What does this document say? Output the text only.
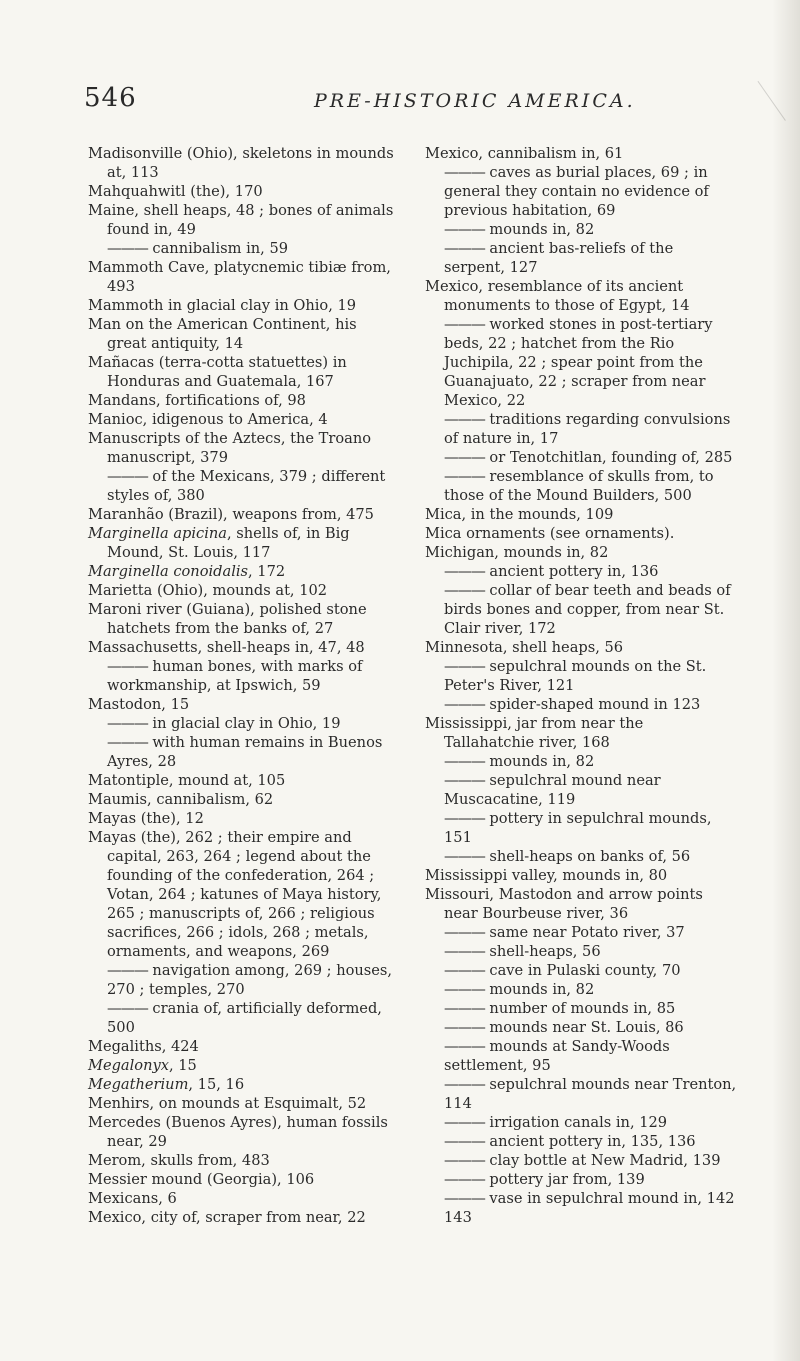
546	PRE-HISTORIC AMERICA.
Madisonville (Ohio), skeletons in mounds at, 113
Mahquahwitl (the), 170
Maine, shell heaps, 48 ; bones of animals found in, 49
——— cannibalism in, 59
Mammoth Cave, platycnemic tibiæ from, 493
Mammoth in glacial clay in Ohio, 19
Man on the American Continent, his great antiquity, 14
Mañacas (terra-cotta statuettes) in Honduras and Guatemala, 167
Mandans, fortifications of, 98
Manioc, idigenous to America, 4
Manuscripts of the Aztecs, the Troano manuscript, 379
——— of the Mexicans, 379 ; different styles of, 380
Maranhão (Brazil), weapons from, 475
Marginella apicina, shells of, in Big Mound, St. Louis, 117
Marginella conoidalis, 172
Marietta (Ohio), mounds at, 102
Maroni river (Guiana), polished stone hatchets from the banks of, 27
Massachusetts, shell-heaps in, 47, 48
——— human bones, with marks of workmanship, at Ipswich, 59
Mastodon, 15
——— in glacial clay in Ohio, 19
——— with human remains in Buenos Ayres, 28
Matontiple, mound at, 105
Maumis, cannibalism, 62
Mayas (the), 12
Mayas (the), 262 ; their empire and capital, 263, 264 ; legend about the founding of the confederation, 264 ; Votan, 264 ; katunes of Maya history, 265 ; manuscripts of, 266 ; religious sacrifices, 266 ; idols, 268 ; metals, ornaments, and weapons, 269
——— navigation among, 269 ; houses, 270 ; temples, 270
——— crania of, artificially deformed, 500
Megaliths, 424
Megalonyx, 15
Megatherium, 15, 16
Menhirs, on mounds at Esquimalt, 52
Mercedes (Buenos Ayres), human fossils near, 29
Merom, skulls from, 483
Messier mound (Georgia), 106
Mexicans, 6
Mexico, city of, scraper from near, 22
Mexico, cannibalism in, 61
——— caves as burial places, 69 ; in general they contain no evidence of previous habitation, 69
——— mounds in, 82
——— ancient bas-reliefs of the serpent, 127
Mexico, resemblance of its ancient monuments to those of Egypt, 14
——— worked stones in post-tertiary beds, 22 ; hatchet from the Rio Juchipila, 22 ; spear point from the Guanajuato, 22 ; scraper from near Mexico, 22
——— traditions regarding convulsions of nature in, 17
——— or Tenotchitlan, founding of, 285
——— resemblance of skulls from, to those of the Mound Builders, 500
Mica, in the mounds, 109
Mica ornaments (see ornaments).
Michigan, mounds in, 82
——— ancient pottery in, 136
——— collar of bear teeth and beads of birds bones and copper, from near St. Clair river, 172
Minnesota, shell heaps, 56
——— sepulchral mounds on the St. Peter's River, 121
——— spider-shaped mound in 123
Mississippi, jar from near the Tallahatchie river, 168
——— mounds in, 82
——— sepulchral mound near Muscacatine, 119
——— pottery in sepulchral mounds, 151
——— shell-heaps on banks of, 56
Mississippi valley, mounds in, 80
Missouri, Mastodon and arrow points near Bourbeuse river, 36
——— same near Potato river, 37
——— shell-heaps, 56
——— cave in Pulaski county, 70
——— mounds in, 82
——— number of mounds in, 85
——— mounds near St. Louis, 86
——— mounds at Sandy-Woods settlement, 95
——— sepulchral mounds near Trenton, 114
——— irrigation canals in, 129
——— ancient pottery in, 135, 136
——— clay bottle at New Madrid, 139
——— pottery jar from, 139
——— vase in sepulchral mound in, 142 143
